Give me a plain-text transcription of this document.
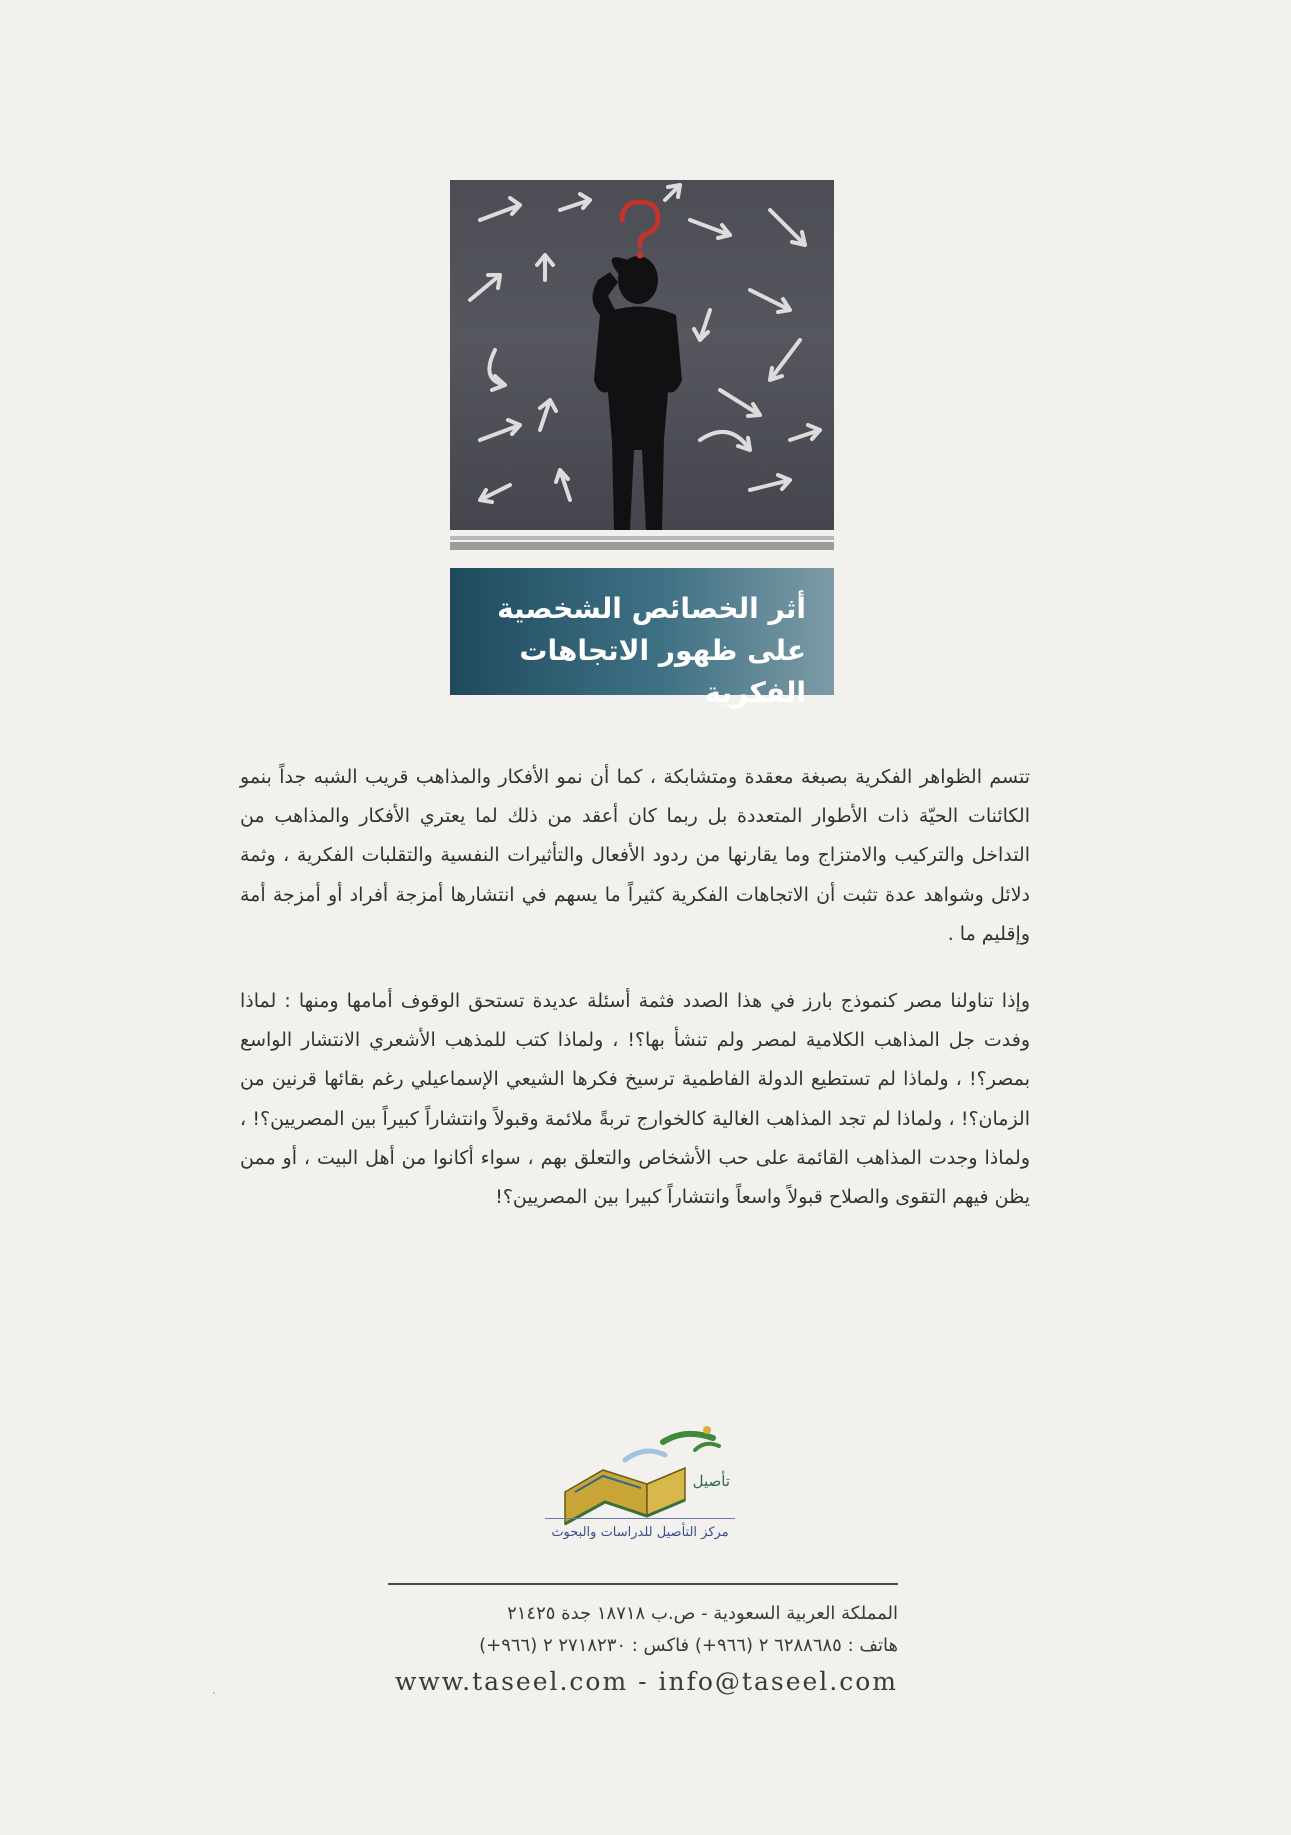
أثر الخصائص الشخصية
على ظهور الاتجاهات الفكرية

تتسم الظواهر الفكرية بصبغة معقدة ومتشابكة ، كما أن نمو الأفكار والمذاهب قريب الشبه جداً بنمو الكائنات الحيّة ذات الأطوار المتعددة بل ربما كان أعقد من ذلك لما يعتري الأفكار والمذاهب من التداخل والتركيب والامتزاج وما يقارنها من ردود الأفعال والتأثيرات النفسية والتقلبات الفكرية ، وثمة دلائل وشواهد عدة تثبت أن الاتجاهات الفكرية كثيراً ما يسهم في انتشارها أمزجة أفراد أو أمزجة أمة وإقليم ما .

وإذا تناولنا مصر كنموذج بارز في هذا الصدد فثمة أسئلة عديدة تستحق الوقوف أمامها ومنها : لماذا وفدت جل المذاهب الكلامية لمصر ولم تنشأ بها؟! ، ولماذا كتب للمذهب الأشعري الانتشار الواسع بمصر؟! ، ولماذا لم تستطيع الدولة الفاطمية ترسيخ فكرها الشيعي الإسماعيلي رغم بقائها قرنين من الزمان؟! ، ولماذا لم تجد المذاهب الغالية كالخوارج تربةً ملائمة وقبولاً وانتشاراً كبيراً بين المصريين؟! ، ولماذا وجدت المذاهب القائمة على حب الأشخاص والتعلق بهم ، سواء أكانوا من أهل البيت ، أو ممن يظن فيهم التقوى والصلاح قبولاً واسعاً وانتشاراً كبيرا بين المصريين؟!

تأصيل
مركز التأصيل للدراسات والبحوث
المملكة العربية السعودية - ص.ب ١٨٧١٨ جدة ٢١٤٢٥
هاتف : ٦٢٨٨٦٨٥ ٢ (٩٦٦+) فاكس : ٢٧١٨٢٣٠ ٢ (٩٦٦+)
www.taseel.com - info@taseel.com
·
